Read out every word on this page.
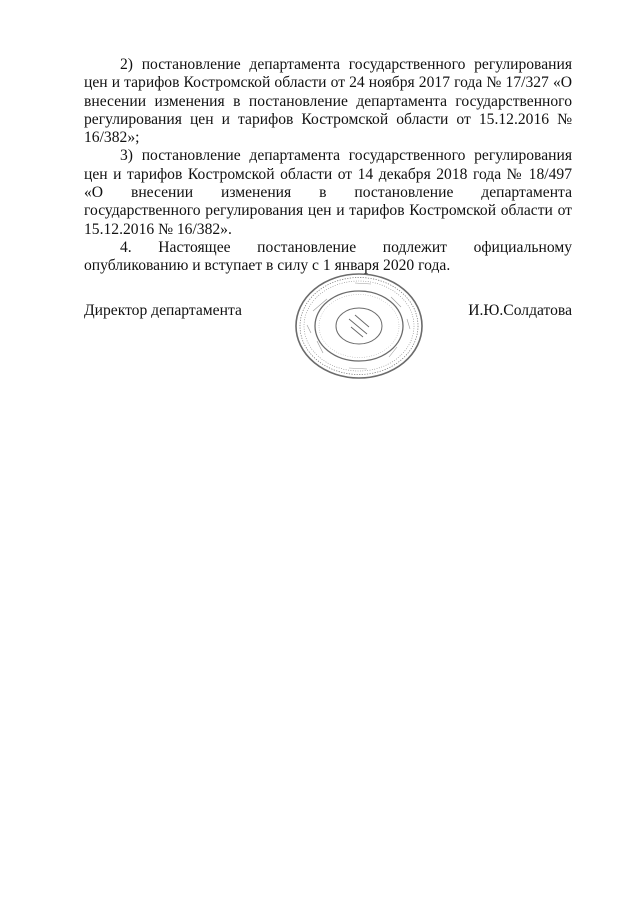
2) постановление департамента государственного регулирования цен и тарифов Костромской области от 24 ноября 2017 года № 17/327 «О внесении изменения в постановление департамента государственного регулирования цен и тарифов Костромской области от 15.12.2016 № 16/382»;

3) постановление департамента государственного регулирования цен и тарифов Костромской области от 14 декабря 2018 года № 18/497 «О внесении изменения в постановление департамента государственного регулирования цен и тарифов Костромской области от 15.12.2016 № 16/382».

4. Настоящее постановление подлежит официальному опубликованию и вступает в силу с 1 января 2020 года.

Директор департамента	И.Ю.Солдатова
